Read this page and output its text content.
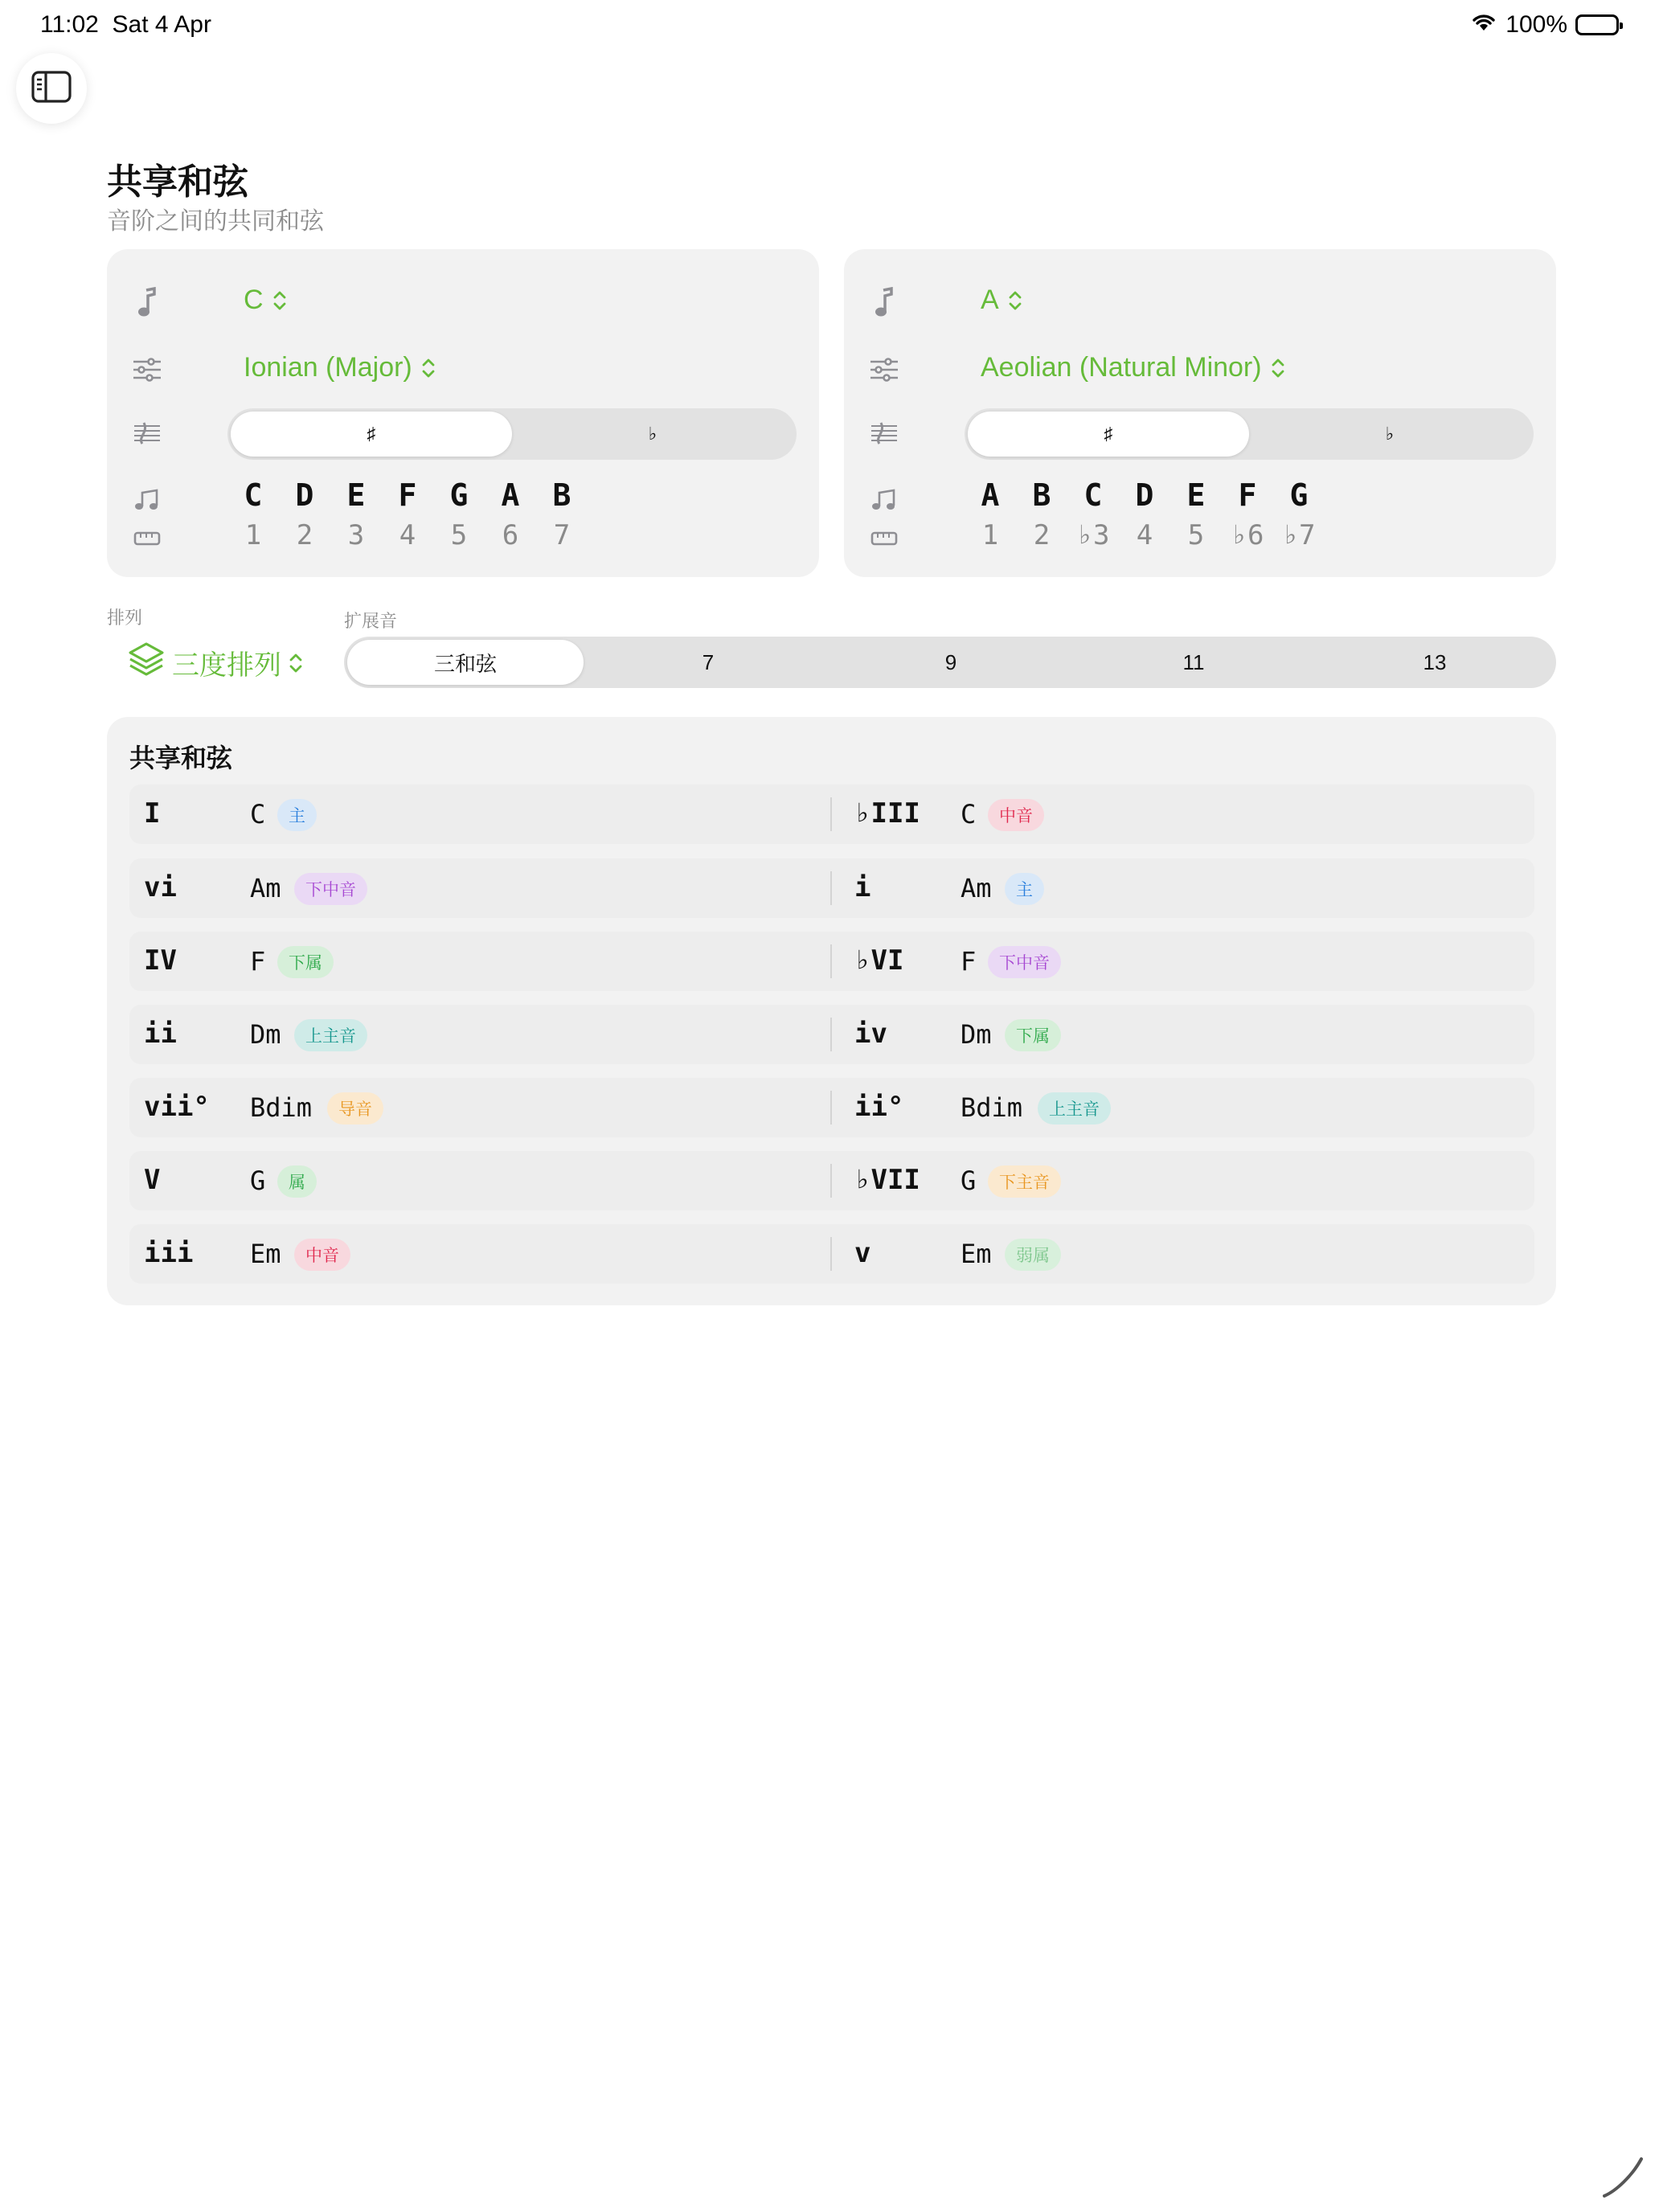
11:02 Sat 4 Apr	100%
共享和弦
音阶之间的共同和弦
C
Ionian (Major)
♯	♭
C	D	E	F	G	A	B
1	2	3	4	5	6	7
A
Aeolian (Natural Minor)
♯	♭
A	B	C	D	E	F	G
1	2 ♭3 4	5 ♭6 ♭7
排列
三度排列
扩展音
三和弦	7	9	11	13
共享和弦
I	C	主	♭III C	中音
vi	Am	下中音	i	Am	主
IV	F	下属	♭VI F	下中音
ii	Dm	上主音	iv	Dm	下属
vii° Bdim	导音	ii° Bdim	上主音
V	G	属	♭VII G	下主音
iii Em	中音	v	Em	弱属
